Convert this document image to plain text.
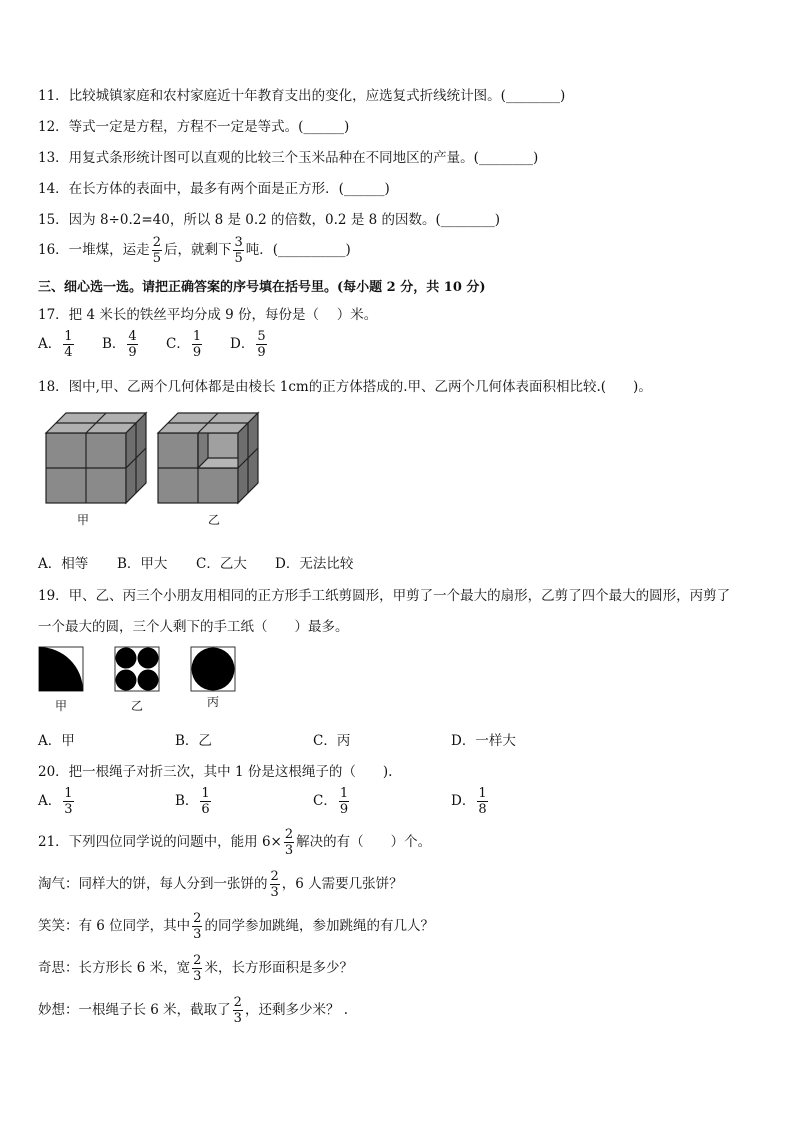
11．比较城镇家庭和农村家庭近十年教育支出的变化，应选复式折线统计图。(________)
12．等式一定是方程，方程不一定是等式。(______)
13．用复式条形统计图可以直观的比较三个玉米品种在不同地区的产量。(________)
14．在长方体的表面中，最多有两个面是正方形．(______)
15．因为 8÷0.2=40，所以 8 是 0.2 的倍数，0.2 是 8 的因数。(________)
16．一堆煤，运走 $\frac{2}{5}$ 后，就剩下 $\frac{3}{5}$ 吨．(__________)
三、细心选一选。请把正确答案的序号填在括号里。(每小题 2 分，共 10 分)
17．把 4 米长的铁丝平均分成 9 份，每份是（　 ）米。
A． $\frac{1}{4}$ B． $\frac{4}{9}$ C． $\frac{1}{9}$ D． $\frac{5}{9}$
18．图中,甲、乙两个几何体都是由棱长 1cm的正方体搭成的.甲、乙两个几何体表面积相比较.(　　)。
甲	乙
A．相等 B．甲大 C．乙大 D．无法比较
19．甲、乙、丙三个小朋友用相同的正方形手工纸剪圆形，甲剪了一个最大的扇形，乙剪了四个最大的圆形，丙剪了
一个最大的圆，三个人剩下的手工纸（　　）最多。
甲	乙	丙
A．甲	B．乙	C．丙	D．一样大
20．把一根绳子对折三次，其中 1 份是这根绳子的（　　).
A． $\frac{1}{3}$	B． $\frac{1}{6}$	C． $\frac{1}{9}$	D． $\frac{1}{8}$
21．下列四位同学说的问题中，能用 $6\times \frac{2}{3}$ 解决的有（　　）个。
淘气：同样大的饼，每人分到一张饼的 $\frac{2}{3}$ ，6 人需要几张饼？
笑笑：有 6 位同学，其中 $\frac{2}{3}$ 的同学参加跳绳，参加跳绳的有几人？
奇思：长方形长 6 米，宽 $\frac{2}{3}$ 米，长方形面积是多少？
妙想：一根绳子长 6 米，截取了 $\frac{2}{3}$ ，还剩多少米？ .
